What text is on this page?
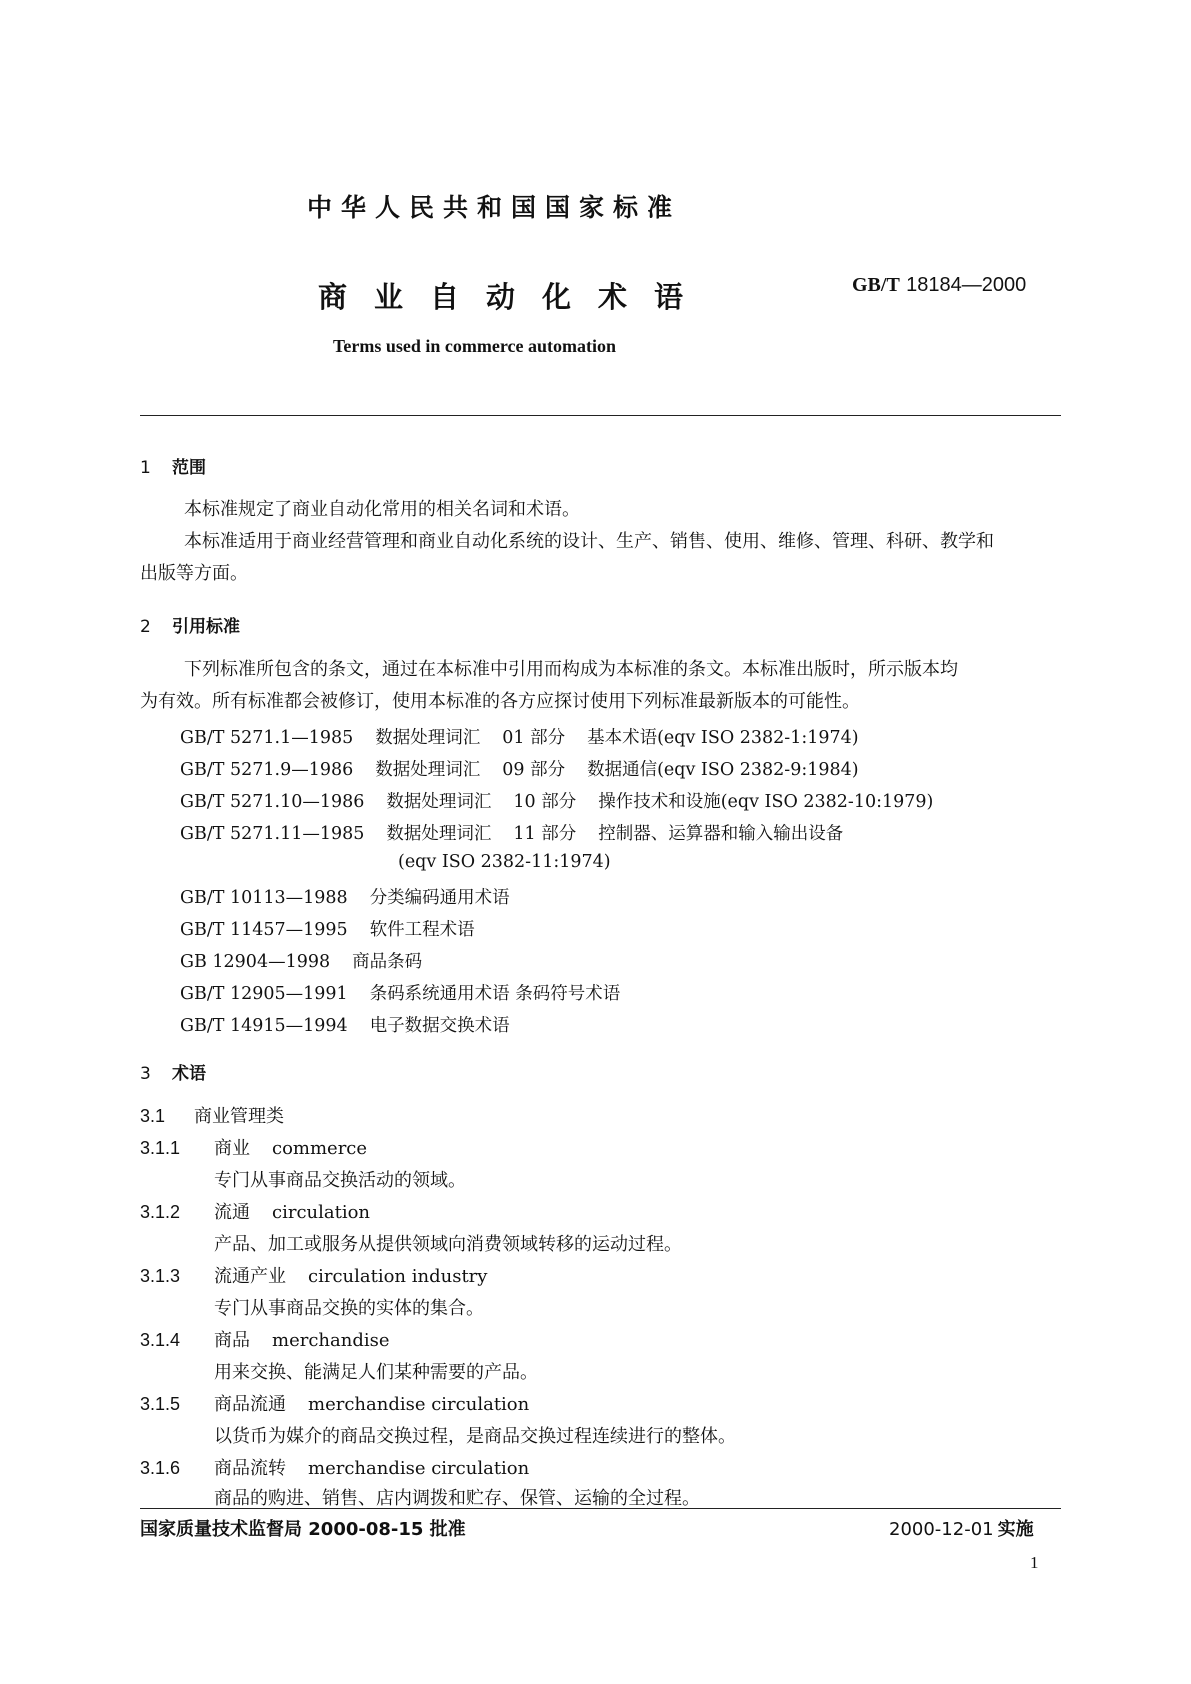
中华人民共和国国家标准
商业自动化术语	GB/T 18184—2000
Terms used in commerce automation
1 范围
本标准规定了商业自动化常用的相关名词和术语。
本标准适用于商业经营管理和商业自动化系统的设计、生产、销售、使用、维修、管理、科研、教学和
出版等方面。
2 引用标准
下列标准所包含的条文，通过在本标准中引用而构成为本标准的条文。本标准出版时，所示版本均
为有效。所有标准都会被修订，使用本标准的各方应探讨使用下列标准最新版本的可能性。
GB/T 5271.1—1985 数据处理词汇 01 部分 基本术语(eqv ISO 2382-1:1974)
GB/T 5271.9—1986 数据处理词汇 09 部分 数据通信(eqv ISO 2382-9:1984)
GB/T 5271.10—1986 数据处理词汇 10 部分 操作技术和设施(eqv ISO 2382-10:1979)
GB/T 5271.11—1985 数据处理词汇 11 部分 控制器、运算器和输入输出设备
(eqv ISO 2382-11:1974)
GB/T 10113—1988 分类编码通用术语
GB/T 11457—1995 软件工程术语
GB 12904—1998 商品条码
GB/T 12905—1991 条码系统通用术语 条码符号术语
GB/T 14915—1994 电子数据交换术语
3 术语
3.1 商业管理类
3.1.1 商业 commerce
专门从事商品交换活动的领域。
3.1.2 流通 circulation
产品、加工或服务从提供领域向消费领域转移的运动过程。
3.1.3 流通产业 circulation industry
专门从事商品交换的实体的集合。
3.1.4 商品 merchandise
用来交换、能满足人们某种需要的产品。
3.1.5 商品流通 merchandise circulation
以货币为媒介的商品交换过程，是商品交换过程连续进行的整体。
3.1.6 商品流转 merchandise circulation
商品的购进、销售、店内调拨和贮存、保管、运输的全过程。
国家质量技术监督局 2000-08-15 批准	2000-12-01 实施
1
